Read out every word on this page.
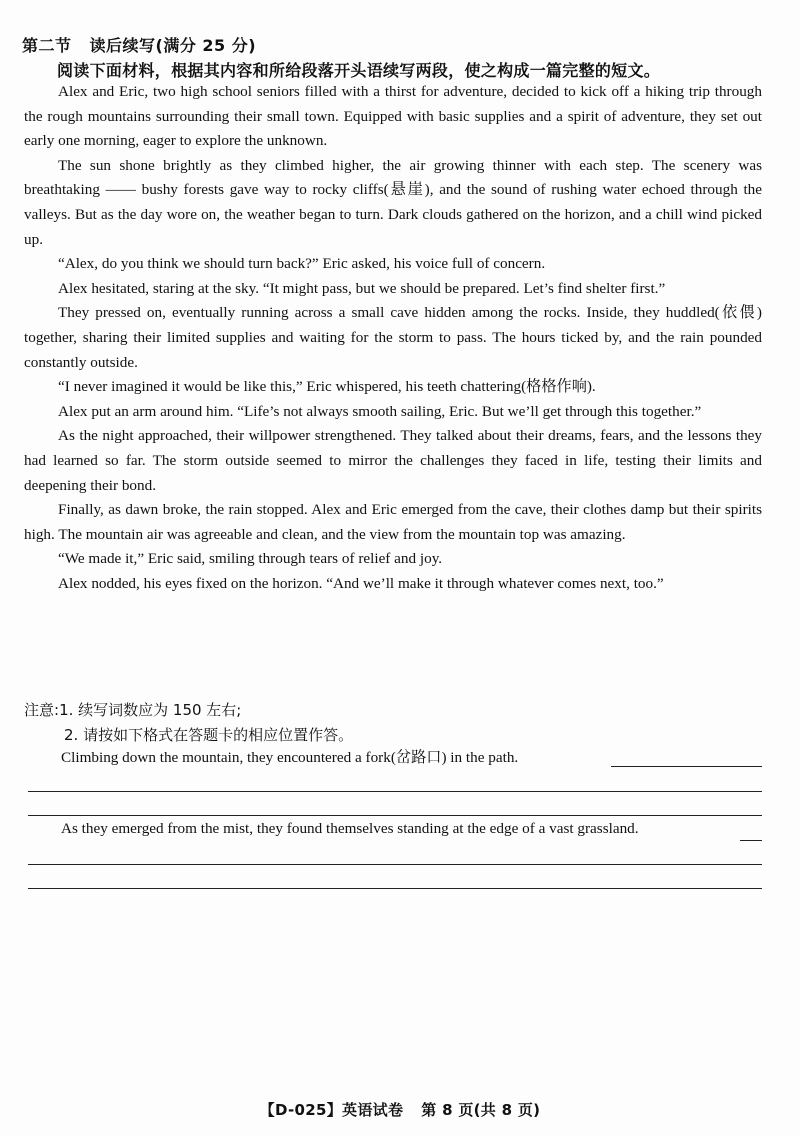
第二节 读后续写(满分 25 分)
阅读下面材料，根据其内容和所给段落开头语续写两段，使之构成一篇完整的短文。

Alex and Eric, two high school seniors filled with a thirst for adventure, decided to kick off a hiking trip through the rough mountains surrounding their small town. Equipped with basic supplies and a spirit of adventure, they set out early one morning, eager to explore the unknown.

The sun shone brightly as they climbed higher, the air growing thinner with each step. The scenery was breathtaking —— bushy forests gave way to rocky cliffs(悬崖), and the sound of rushing water echoed through the valleys. But as the day wore on, the weather began to turn. Dark clouds gathered on the horizon, and a chill wind picked up.

“Alex, do you think we should turn back?” Eric asked, his voice full of concern.

Alex hesitated, staring at the sky. “It might pass, but we should be prepared. Let’s find shelter first.”

They pressed on, eventually running across a small cave hidden among the rocks. Inside, they huddled(依偎) together, sharing their limited supplies and waiting for the storm to pass. The hours ticked by, and the rain pounded constantly outside.

“I never imagined it would be like this,” Eric whispered, his teeth chattering(格格作响).

Alex put an arm around him. “Life’s not always smooth sailing, Eric. But we’ll get through this together.”

As the night approached, their willpower strengthened. They talked about their dreams, fears, and the lessons they had learned so far. The storm outside seemed to mirror the challenges they faced in life, testing their limits and deepening their bond.

Finally, as dawn broke, the rain stopped. Alex and Eric emerged from the cave, their clothes damp but their spirits high. The mountain air was agreeable and clean, and the view from the mountain top was amazing.

“We made it,” Eric said, smiling through tears of relief and joy.

Alex nodded, his eyes fixed on the horizon. “And we’ll make it through whatever comes next, too.”

注意:1. 续写词数应为 150 左右;
2. 请按如下格式在答题卡的相应位置作答。
Climbing down the mountain, they encountered a fork(岔路口) in the path.
As they emerged from the mist, they found themselves standing at the edge of a vast grassland.
【D-025】英语试卷 第 8 页(共 8 页)
